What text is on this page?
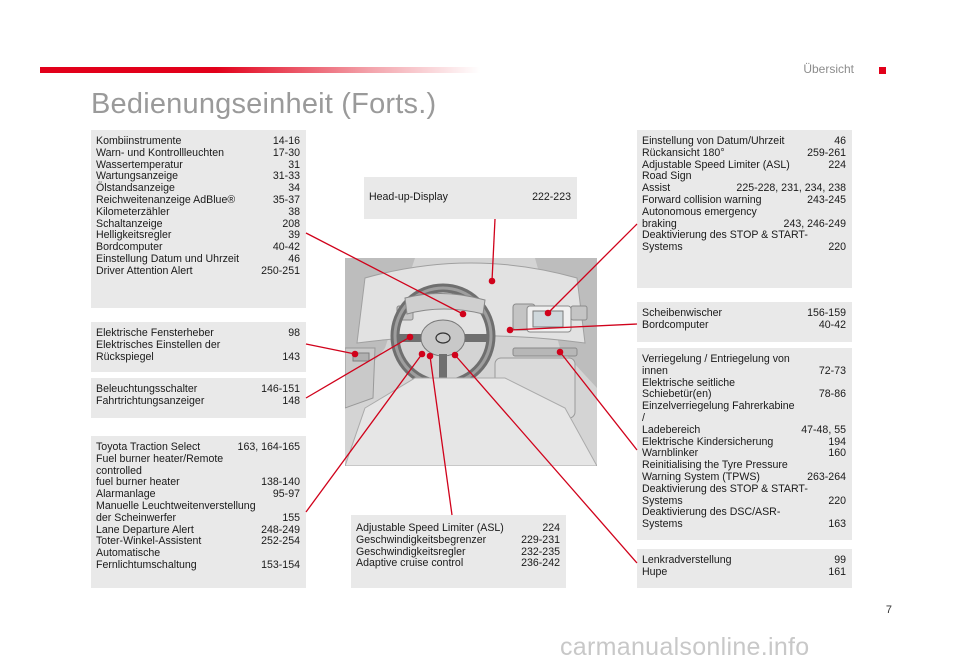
Übersicht
Bedienungseinheit (Forts.)
Kombiinstrumente	14-16
Warn- und Kontrollleuchten	17-30
Wassertemperatur	31
Wartungsanzeige	31-33
Ölstandsanzeige	34
Reichweitenanzeige AdBlue®	35-37
Kilometerzähler	38
Schaltanzeige	208
Helligkeitsregler	39
Bordcomputer	40-42
Einstellung Datum und Uhrzeit	46
Driver Attention Alert	250-251
Elektrische Fensterheber	98
Elektrisches Einstellen der
Rückspiegel	143
Beleuchtungsschalter	146-151
Fahrtrichtungsanzeiger	148
Toyota Traction Select	163, 164-165
Fuel burner heater/Remote controlled
fuel burner heater	138-140
Alarmanlage	95-97
Manuelle Leuchtweitenverstellung
der Scheinwerfer	155
Lane Departure Alert	248-249
Toter-Winkel-Assistent	252-254
Automatische
Fernlichtumschaltung	153-154
Head-up-Display	222-223
Adjustable Speed Limiter (ASL)	224
Geschwindigkeitsbegrenzer	229-231
Geschwindigkeitsregler	232-235
Adaptive cruise control	236-242
Einstellung von Datum/Uhrzeit	46
Rückansicht 180°	259-261
Adjustable Speed Limiter (ASL)	224
Road Sign
Assist	225-228, 231, 234, 238
Forward collision warning	243-245
Autonomous emergency
braking	243, 246-249
Deaktivierung des STOP & START-
Systems	220
Scheibenwischer	156-159
Bordcomputer	40-42
Verriegelung / Entriegelung von
innen	72-73
Elektrische seitliche
Schiebetür(en)	78-86
Einzelverriegelung Fahrerkabine /
Ladebereich	47-48, 55
Elektrische Kindersicherung	194
Warnblinker	160
Reinitialising the Tyre Pressure
Warning System (TPWS)	263-264
Deaktivierung des STOP & START-
Systems	220
Deaktivierung des DSC/ASR-
Systems	163
Lenkradverstellung	99
Hupe	161
7
carmanualsonline.info
